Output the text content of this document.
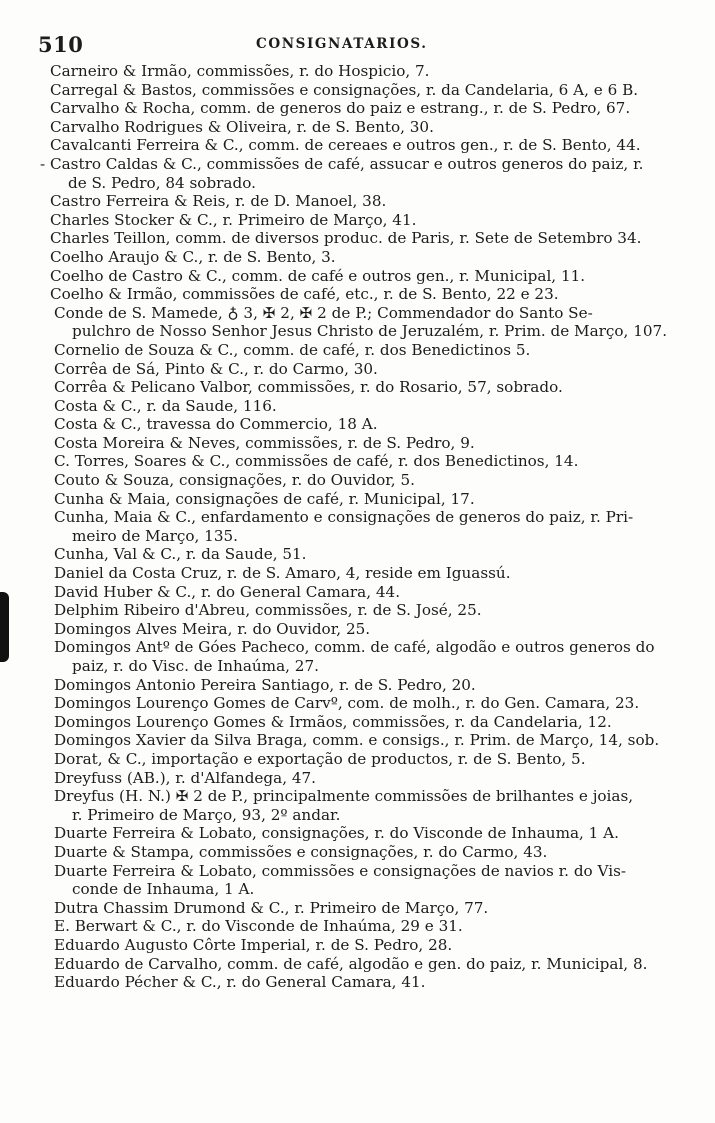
510	CONSIGNATARIOS.
Carneiro & Irmão, commissões, r. do Hospicio, 7.
Carregal & Bastos, commissões e consignações, r. da Candelaria, 6 A, e 6 B.
Carvalho & Rocha, comm. de generos do paiz e estrang., r. de S. Pedro, 67.
Carvalho Rodrigues & Oliveira, r. de S. Bento, 30.
Cavalcanti Ferreira & C., comm. de cereaes e outros gen., r. de S. Bento, 44.
- Castro Caldas & C., commissões de café, assucar e outros generos do paiz, r.
de S. Pedro, 84 sobrado.
Castro Ferreira & Reis, r. de D. Manoel, 38.
Charles Stocker & C., r. Primeiro de Março, 41.
Charles Teillon, comm. de diversos produc. de Paris, r. Sete de Setembro 34.
Coelho Araujo & C., r. de S. Bento, 3.
Coelho de Castro & C., comm. de café e outros gen., r. Municipal, 11.
Coelho & Irmão, commissões de café, etc., r. de S. Bento, 22 e 23.
Conde de S. Mamede, ♁ 3, ✠ 2, ✠ 2 de P.; Commendador do Santo Se-
pulchro de Nosso Senhor Jesus Christo de Jeruzalém, r. Prim. de Março, 107.
Cornelio de Souza & C., comm. de café, r. dos Benedictinos 5.
Corrêa de Sá, Pinto & C., r. do Carmo, 30.
Corrêa & Pelicano Valbor, commissões, r. do Rosario, 57, sobrado.
Costa & C., r. da Saude, 116.
Costa & C., travessa do Commercio, 18 A.
Costa Moreira & Neves, commissões, r. de S. Pedro, 9.
C. Torres, Soares & C., commissões de café, r. dos Benedictinos, 14.
Couto & Souza, consignações, r. do Ouvidor, 5.
Cunha & Maia, consignações de café, r. Municipal, 17.
Cunha, Maia & C., enfardamento e consignações de generos do paiz, r. Pri-
meiro de Março, 135.
Cunha, Val & C., r. da Saude, 51.
Daniel da Costa Cruz, r. de S. Amaro, 4, reside em Iguassú.
David Huber & C., r. do General Camara, 44.
Delphim Ribeiro d'Abreu, commissões, r. de S. José, 25.
Domingos Alves Meira, r. do Ouvidor, 25.
Domingos Antº de Góes Pacheco, comm. de café, algodão e outros generos do
paiz, r. do Visc. de Inhaúma, 27.
Domingos Antonio Pereira Santiago, r. de S. Pedro, 20.
Domingos Lourenço Gomes de Carvº, com. de molh., r. do Gen. Camara, 23.
Domingos Lourenço Gomes & Irmãos, commissões, r. da Candelaria, 12.
Domingos Xavier da Silva Braga, comm. e consigs., r. Prim. de Março, 14, sob.
Dorat, & C., importação e exportação de productos, r. de S. Bento, 5.
Dreyfuss (AB.), r. d'Alfandega, 47.
Dreyfus (H. N.) ✠ 2 de P., principalmente commissões de brilhantes e joias,
r. Primeiro de Março, 93, 2º andar.
Duarte Ferreira & Lobato, consignações, r. do Visconde de Inhauma, 1 A.
Duarte & Stampa, commissões e consignações, r. do Carmo, 43.
Duarte Ferreira & Lobato, commissões e consignações de navios r. do Vis-
conde de Inhauma, 1 A.
Dutra Chassim Drumond & C., r. Primeiro de Março, 77.
E. Berwart & C., r. do Visconde de Inhaúma, 29 e 31.
Eduardo Augusto Côrte Imperial, r. de S. Pedro, 28.
Eduardo de Carvalho, comm. de café, algodão e gen. do paiz, r. Municipal, 8.
Eduardo Pécher & C., r. do General Camara, 41.
